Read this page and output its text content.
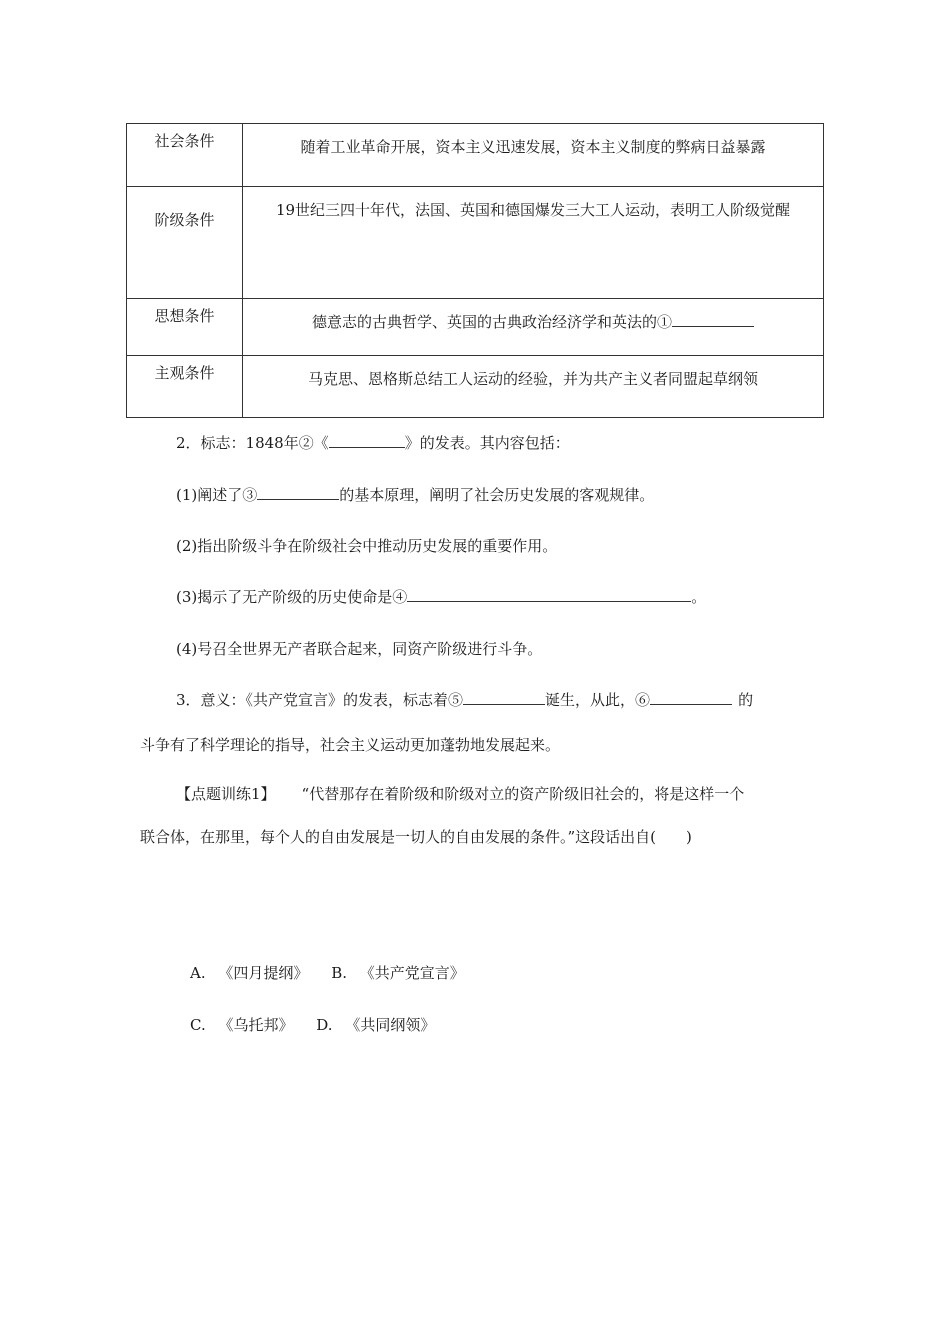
社会条件	随着工业革命开展，资本主义迅速发展，资本主义制度的弊病日益暴露
阶级条件	19世纪三四十年代，法国、英国和德国爆发三大工人运动，表明工人阶级觉醒
思想条件	德意志的古典哲学、英国的古典政治经济学和英法的①
主观条件	马克思、恩格斯总结工人运动的经验，并为共产主义者同盟起草纲领
2．标志：1848年②《	》的发表。其内容包括：
(1)阐述了③	的基本原理，阐明了社会历史发展的客观规律。
(2)指出阶级斗争在阶级社会中推动历史发展的重要作用。
(3)揭示了无产阶级的历史使命是④	。
(4)号召全世界无产者联合起来，同资产阶级进行斗争。
3．意义：《共产党宣言》的发表，标志着⑤	诞生，从此，⑥	的
斗争有了科学理论的指导，社会主义运动更加蓬勃地发展起来。
【点题训练1】 “代替那存在着阶级和阶级对立的资产阶级旧社会的，将是这样一个
联合体，在那里，每个人的自由发展是一切人的自由发展的条件。”这段话出自(　　)
A. 《四月提纲》 B. 《共产党宣言》
C. 《乌托邦》 D. 《共同纲领》
